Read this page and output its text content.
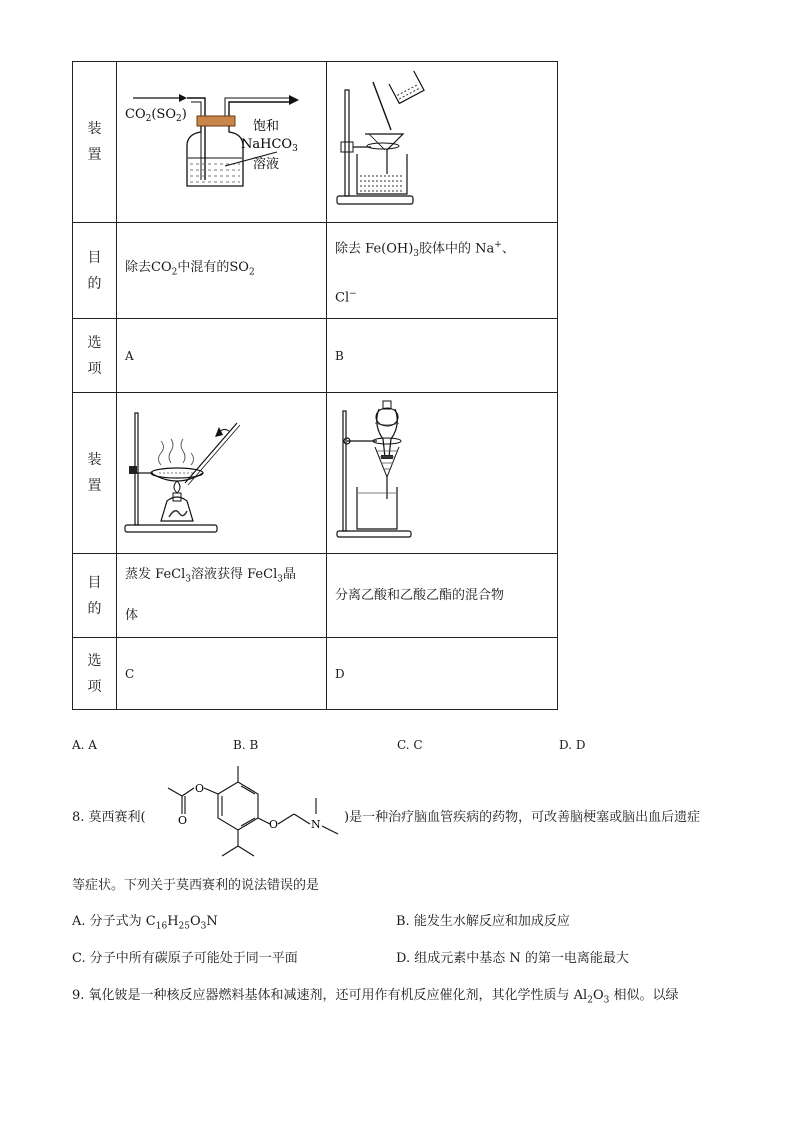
装
置	$CO_2(SO_2)$
饱和
NaHCO$_3$
溶液

目
的	除去$CO_2$中混有的$SO_2$	除去 $Fe(OH)_3$胶体中的 Na+、
Cl−

选
项	A	B

装
置

目
的	蒸发 FeCl$_3$溶液获得 FeCl$_3$晶
体	分离乙酸和乙酸乙酯的混合物

选
项	C	D
A. A	B. B	C. C	D. D
8. 莫西赛利(
O
O	O	N )是一种治疗脑血管疾病的药物，可改善脑梗塞或脑出血后遗症
等症状。下列关于莫西赛利的说法错误的是
A. 分子式为 $C_{16}H_{25}O_3N$	B. 能发生水解反应和加成反应
C. 分子中所有碳原子可能处于同一平面	D. 组成元素中基态 N 的第一电离能最大
9. 氧化铍是一种核反应器燃料基体和减速剂，还可用作有机反应催化剂，其化学性质与 $Al_2O_3$ 相似。以绿
